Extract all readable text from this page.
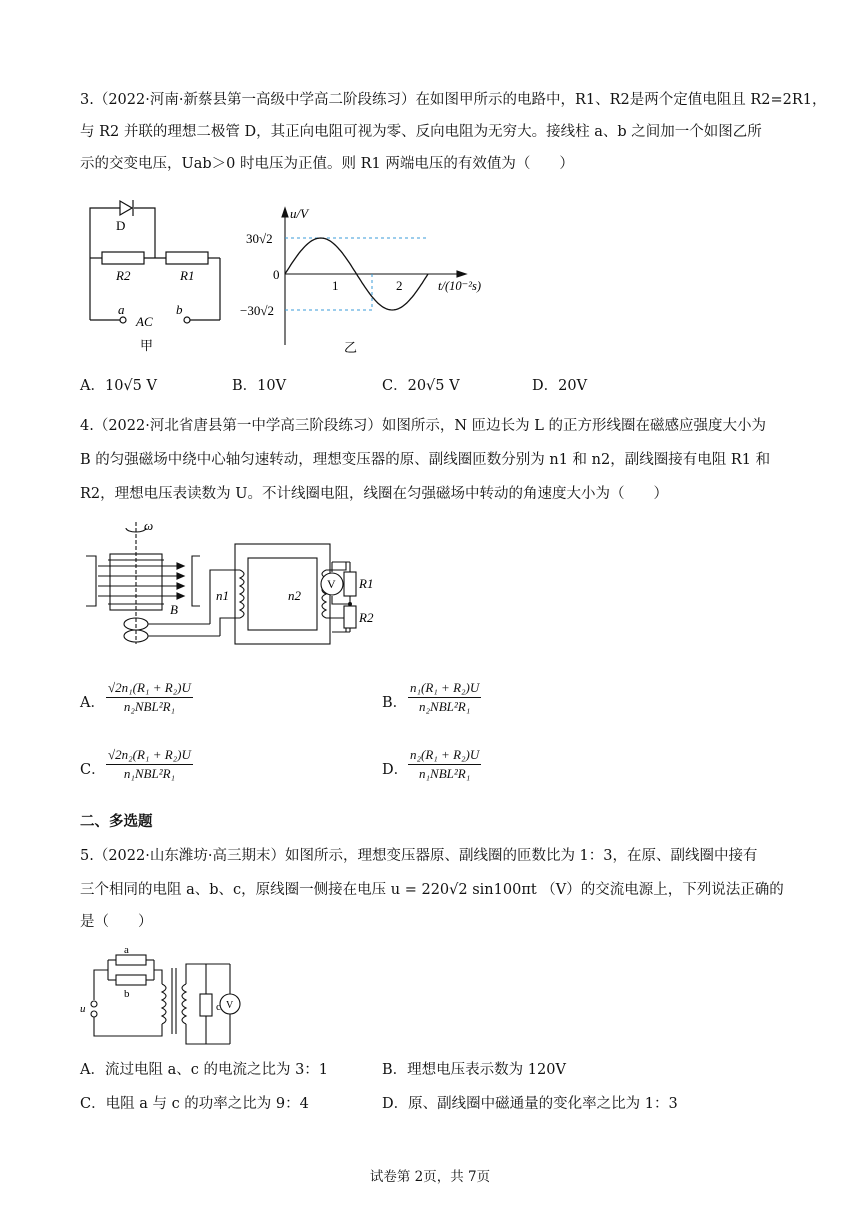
3.（2022·河南·新蔡县第一高级中学高二阶段练习）在如图甲所示的电路中，R1、R2是两个定值电阻且 R2=2R1，
与 R2 并联的理想二极管 D，其正向电阻可视为零、反向电阻为无穷大。接线柱 a、b 之间加一个如图乙所
示的交变电压，Uab＞0 时电压为正值。则 R1 两端电压的有效值为（　　）
D
R2	R1
a	b
AC
甲
u/V
30√2
0
−30√2
1	2	t/(10⁻²s)
乙
A．10√5 V	B．10V	C．20√5 V	D．20V
4.（2022·河北省唐县第一中学高三阶段练习）如图所示，N 匝边长为 L 的正方形线圈在磁感应强度大小为
B 的匀强磁场中绕中心轴匀速转动，理想变压器的原、副线圈匝数分别为 n1 和 n2，副线圈接有电阻 R1 和
R2，理想电压表读数为 U。不计线圈电阻，线圈在匀强磁场中转动的角速度大小为（　　）
ω
B
n1	n2
V R1
R2
A．
√2n₁(R₁ + R₂)U
n₂NBL²R₁	B．
n₁(R₁ + R₂)U
n₂NBL²R₁
C．
√2n₂(R₁ + R₂)U
n₁NBL²R₁	D．
n₂(R₁ + R₂)U
n₁NBL²R₁
二、多选题
5.（2022·山东潍坊·高三期末）如图所示，理想变压器原、副线圈的匝数比为 1：3，在原、副线圈中接有
三个相同的电阻 a、b、c，原线圈一侧接在电压 u = 220√2 sin100πt （V）的交流电源上，下列说法正确的
是（　　）
a
b
c
u	V
A．流过电阻 a、c 的电流之比为 3：1	B．理想电压表示数为 120V
C．电阻 a 与 c 的功率之比为 9：4	D．原、副线圈中磁通量的变化率之比为 1：3
试卷第 2页，共 7页
